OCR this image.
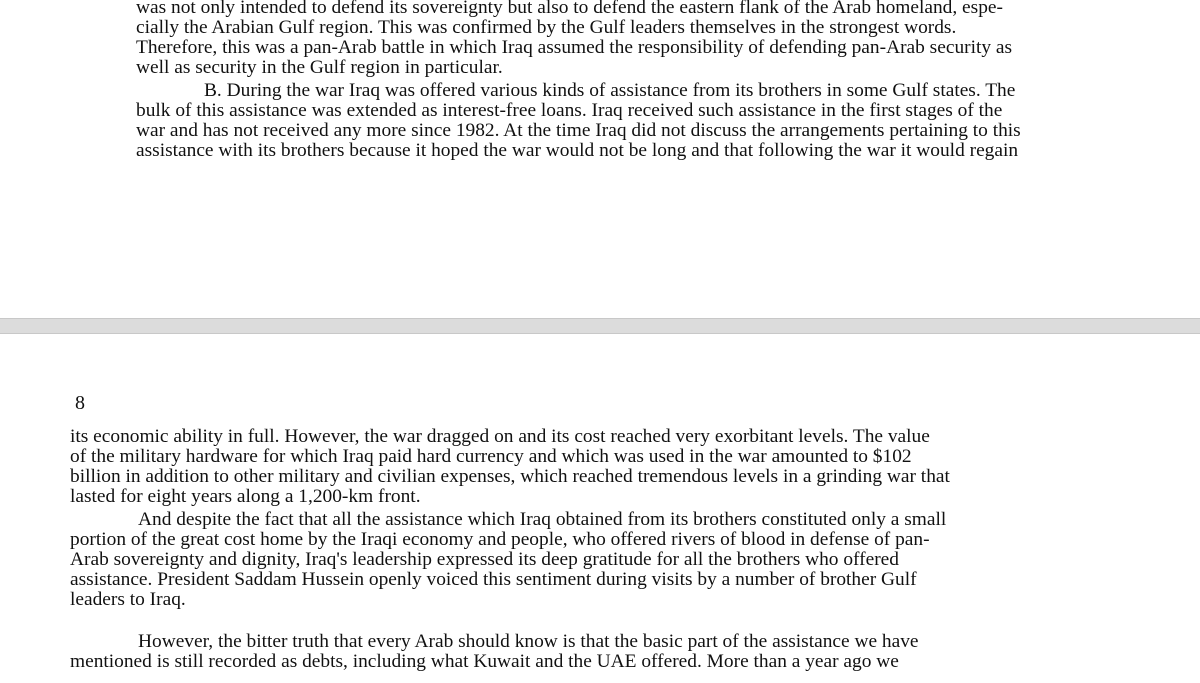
was not only intended to defend its sovereignty but also to defend the eastern flank of the Arab homeland, espe-
cially the Arabian Gulf region. This was confirmed by the Gulf leaders themselves in the strongest words.
Therefore, this was a pan-Arab battle in which Iraq assumed the responsibility of defending pan-Arab security as
well as security in the Gulf region in particular.
B. During the war Iraq was offered various kinds of assistance from its brothers in some Gulf states. The
bulk of this assistance was extended as interest-free loans. Iraq received such assistance in the first stages of the
war and has not received any more since 1982. At the time Iraq did not discuss the arrangements pertaining to this
assistance with its brothers because it hoped the war would not be long and that following the war it would regain
8
its economic ability in full. However, the war dragged on and its cost reached very exorbitant levels. The value
of the military hardware for which Iraq paid hard currency and which was used in the war amounted to $102
billion in addition to other military and civilian expenses, which reached tremendous levels in a grinding war that
lasted for eight years along a 1,200-km front.
And despite the fact that all the assistance which Iraq obtained from its brothers constituted only a small
portion of the great cost home by the Iraqi economy and people, who offered rivers of blood in defense of pan-
Arab sovereignty and dignity, Iraq's leadership expressed its deep gratitude for all the brothers who offered
assistance. President Saddam Hussein openly voiced this sentiment during visits by a number of brother Gulf
leaders to Iraq.
However, the bitter truth that every Arab should know is that the basic part of the assistance we have
mentioned is still recorded as debts, including what Kuwait and the UAE offered. More than a year ago we
